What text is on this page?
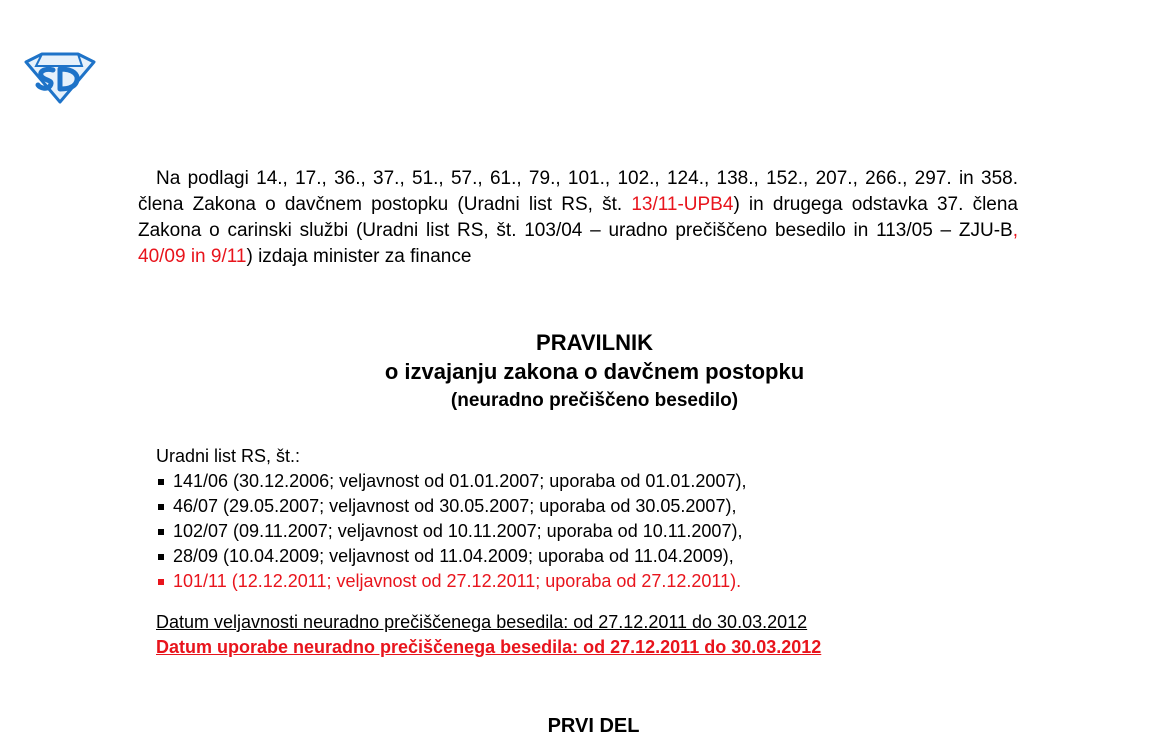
Na podlagi 14., 17., 36., 37., 51., 57., 61., 79., 101., 102., 124., 138., 152., 207., 266., 297. in 358. člena Zakona o davčnem postopku (Uradni list RS, št. 13/11-UPB4) in drugega odstavka 37. člena Zakona o carinski službi (Uradni list RS, št. 103/04 – uradno prečiščeno besedilo in 113/05 – ZJU-B, 40/09 in 9/11) izdaja minister za finance
PRAVILNIK
o izvajanju zakona o davčnem postopku
(neuradno prečiščeno besedilo)
Uradni list RS, št.:
141/06 (30.12.2006; veljavnost od 01.01.2007; uporaba od 01.01.2007),
46/07 (29.05.2007; veljavnost od 30.05.2007; uporaba od 30.05.2007),
102/07 (09.11.2007; veljavnost od 10.11.2007; uporaba od 10.11.2007),
28/09 (10.04.2009; veljavnost od 11.04.2009; uporaba od 11.04.2009),
101/11 (12.12.2011; veljavnost od 27.12.2011; uporaba od 27.12.2011).
Datum veljavnosti neuradno prečiščenega besedila: od 27.12.2011 do 30.03.2012
Datum uporabe neuradno prečiščenega besedila: od 27.12.2011 do 30.03.2012
PRVI DEL
